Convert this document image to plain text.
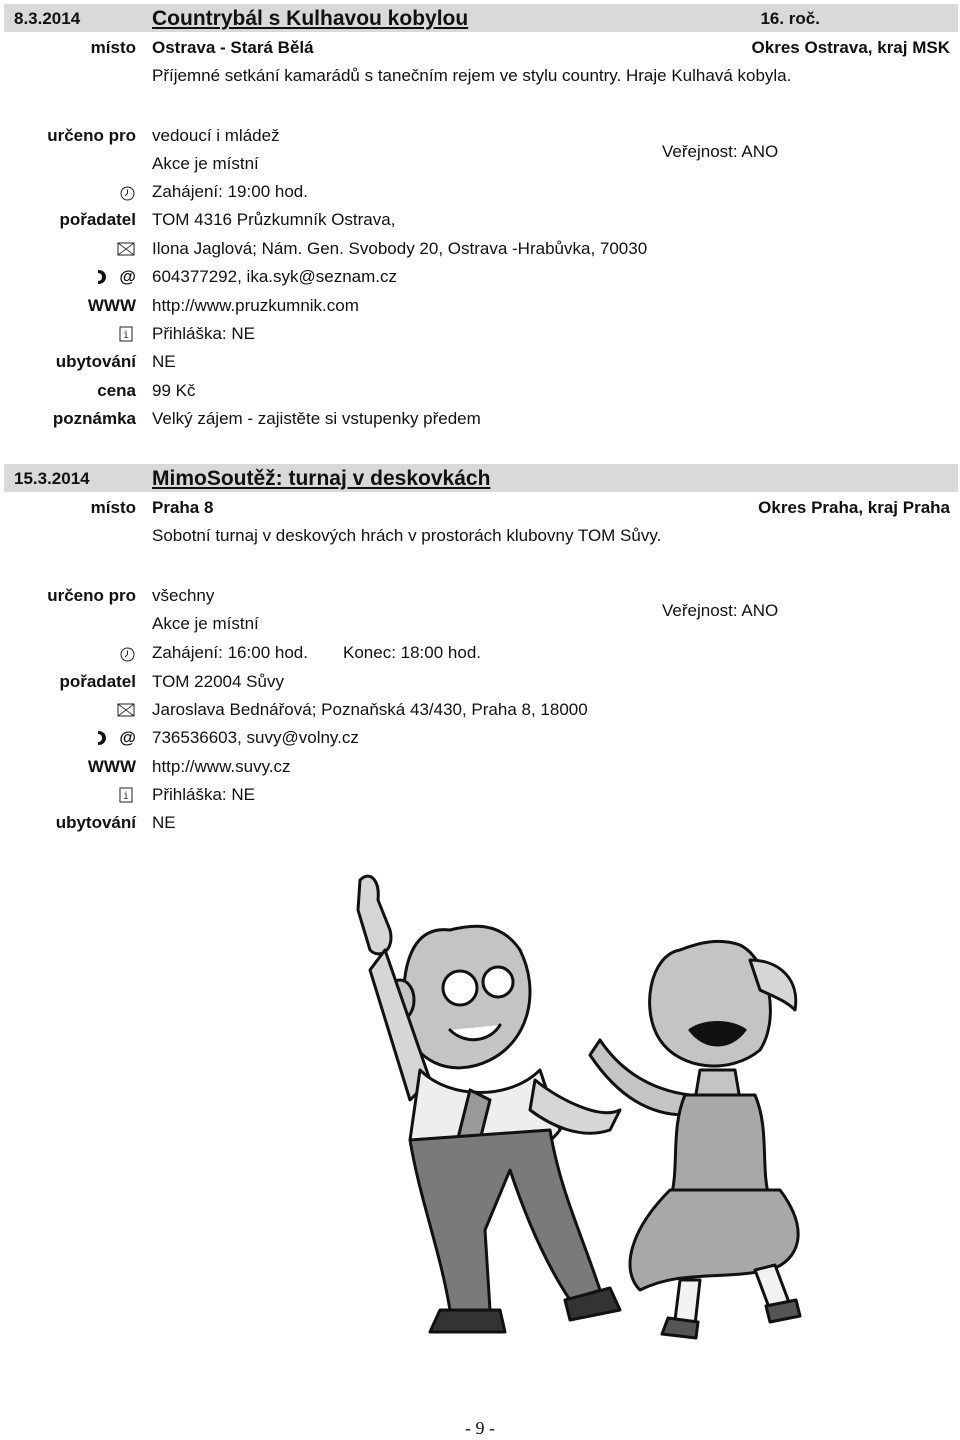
8.3.2014	Countrybál s Kulhavou kobylou	16. roč.
místo Ostrava - Stará Bělá	Okres Ostrava, kraj MSK
Příjemné setkání kamarádů s tanečním rejem ve stylu country. Hraje Kulhavá kobyla.
určeno pro vedoucí i mládež
Akce je místní
Veřejnost: ANO
Zahájení: 19:00 hod.
pořadatel TOM 4316 Průzkumník Ostrava,
Ilona Jaglová; Nám. Gen. Svobody 20, Ostrava -Hrabůvka, 70030
@ 604377292, ika.syk@seznam.cz
WWW http://www.pruzkumnik.com
i Přihláška: NE
ubytování NE
cena 99 Kč
poznámka Velký zájem - zajistěte si vstupenky předem
15.3.2014	MimoSoutěž: turnaj v deskovkách
místo Praha 8	Okres Praha, kraj Praha
Sobotní turnaj v deskových hrách v prostorách klubovny TOM Sůvy.
určeno pro všechny
Akce je místní
Veřejnost: ANO
Zahájení: 16:00 hod. Konec: 18:00 hod.
pořadatel TOM 22004 Sůvy
Jaroslava Bednářová; Poznaňská 43/430, Praha 8, 18000
@ 736536603, suvy@volny.cz
WWW http://www.suvy.cz
i Přihláška: NE
ubytování NE
- 9 -
